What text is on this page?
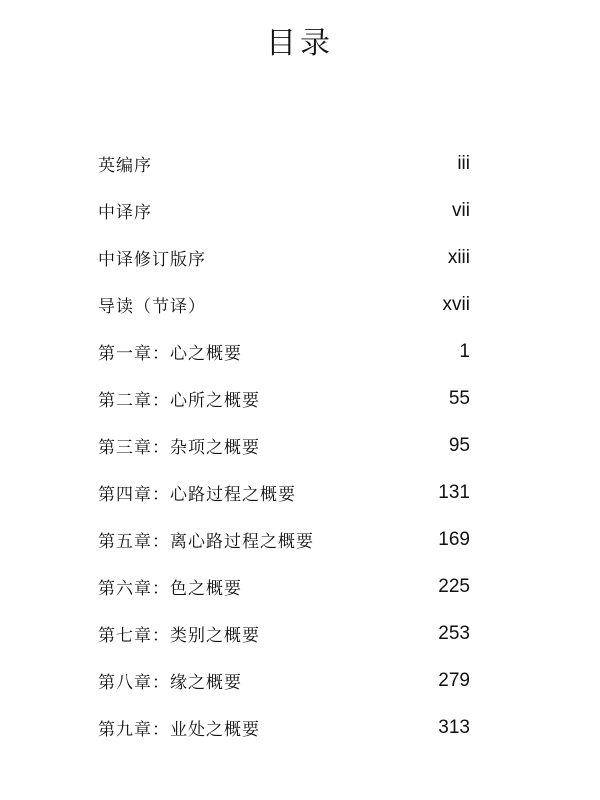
目录
英编序	iii
中译序	vii
中译修订版序	xiii
导读（节译）	xvii
第一章：心之概要	1
第二章：心所之概要	55
第三章：杂项之概要	95
第四章：心路过程之概要	131
第五章：离心路过程之概要	169
第六章：色之概要	225
第七章：类别之概要	253
第八章：缘之概要	279
第九章：业处之概要	313
